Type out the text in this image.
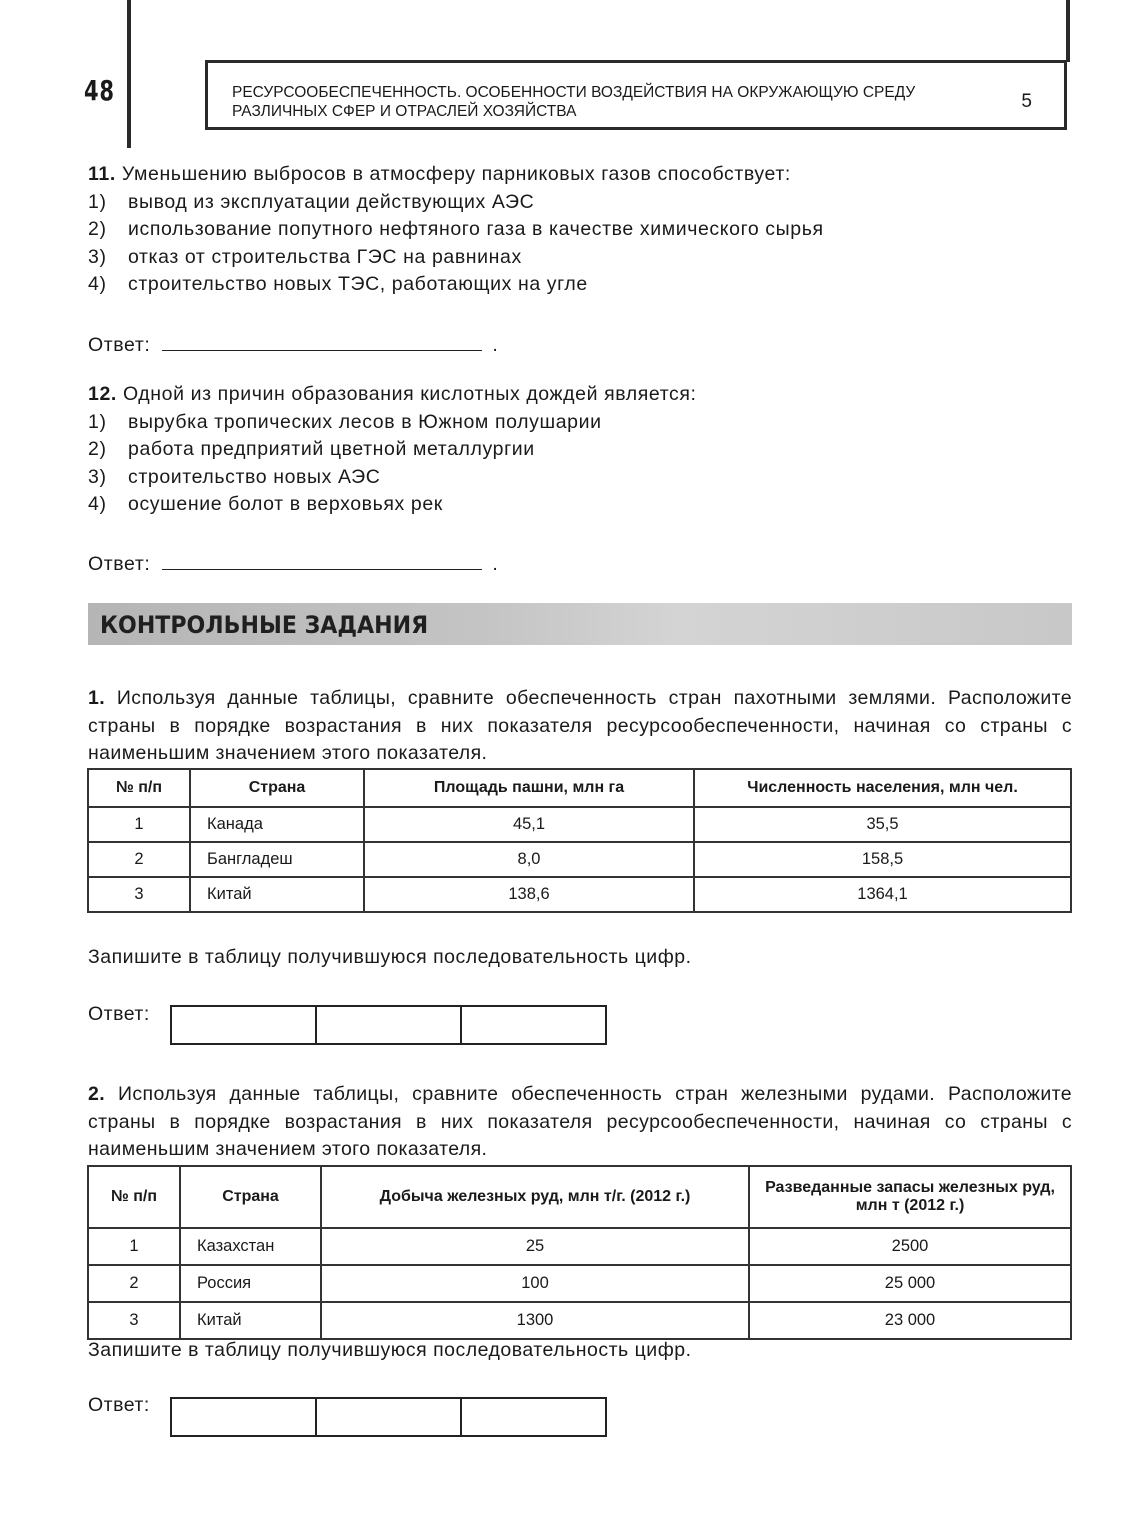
48	РЕСУРСООБЕСПЕЧЕННОСТЬ. ОСОБЕННОСТИ ВОЗДЕЙСТВИЯ НА ОКРУЖАЮЩУЮ СРЕДУ РАЗЛИЧНЫХ СФЕР И ОТРАСЛЕЙ ХОЗЯЙСТВА	5
11. Уменьшению выбросов в атмосферу парниковых газов способствует:
1)	вывод из эксплуатации действующих АЭС
2)	использование попутного нефтяного газа в качестве химического сырья
3)	отказ от строительства ГЭС на равнинах
4)	строительство новых ТЭС, работающих на угле
Ответ:	.
12. Одной из причин образования кислотных дождей является:
1)	вырубка тропических лесов в Южном полушарии
2)	работа предприятий цветной металлургии
3)	строительство новых АЭС
4)	осушение болот в верховьях рек
Ответ:	.
КОНТРОЛЬНЫЕ ЗАДАНИЯ
1. Используя данные таблицы, сравните обеспеченность стран пахотными землями. Расположите страны в порядке возрастания в них показателя ресурсообеспеченности, начиная со страны с наименьшим значением этого показателя.
№ п/п	Страна	Площадь пашни, млн га	Численность населения, млн чел.
1	Канада	45,1	35,5
2	Бангладеш	8,0	158,5
3	Китай	138,6	1364,1
Запишите в таблицу получившуюся последовательность цифр.
Ответ:
2. Используя данные таблицы, сравните обеспеченность стран железными рудами. Расположите страны в порядке возрастания в них показателя ресурсообеспеченности, начиная со страны с наименьшим значением этого показателя.
№ п/п	Страна	Добыча железных руд, млн т/г. (2012 г.)	Разведанные запасы железных руд, млн т (2012 г.)
1	Казахстан	25	2500
2	Россия	100	25 000
3	Китай	1300	23 000
Запишите в таблицу получившуюся последовательность цифр.
Ответ:
